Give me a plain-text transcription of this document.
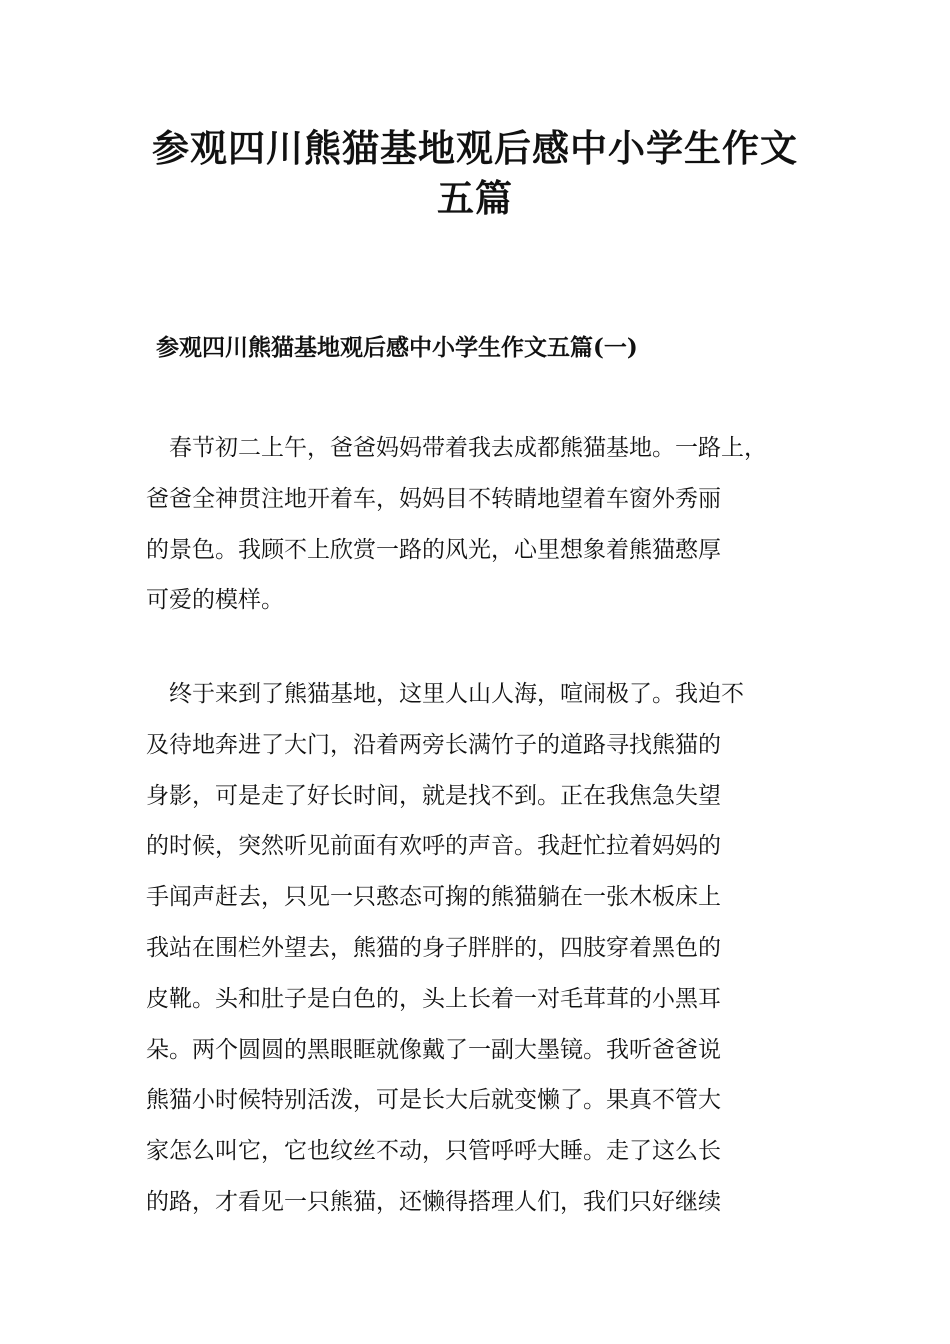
参观四川熊猫基地观后感中小学生作文
五篇
参观四川熊猫基地观后感中小学生作文五篇(一)

　春节初二上午，爸爸妈妈带着我去成都熊猫基地。一路上，
爸爸全神贯注地开着车，妈妈目不转睛地望着车窗外秀丽
的景色。我顾不上欣赏一路的风光，心里想象着熊猫憨厚
可爱的模样。

　终于来到了熊猫基地，这里人山人海，喧闹极了。我迫不
及待地奔进了大门，沿着两旁长满竹子的道路寻找熊猫的
身影，可是走了好长时间，就是找不到。正在我焦急失望
的时候，突然听见前面有欢呼的声音。我赶忙拉着妈妈的
手闻声赶去，只见一只憨态可掬的熊猫躺在一张木板床上
我站在围栏外望去，熊猫的身子胖胖的，四肢穿着黑色的
皮靴。头和肚子是白色的，头上长着一对毛茸茸的小黑耳
朵。两个圆圆的黑眼眶就像戴了一副大墨镜。我听爸爸说
熊猫小时候特别活泼，可是长大后就变懒了。果真不管大
家怎么叫它，它也纹丝不动，只管呼呼大睡。走了这么长
的路，才看见一只熊猫，还懒得搭理人们，我们只好继续
